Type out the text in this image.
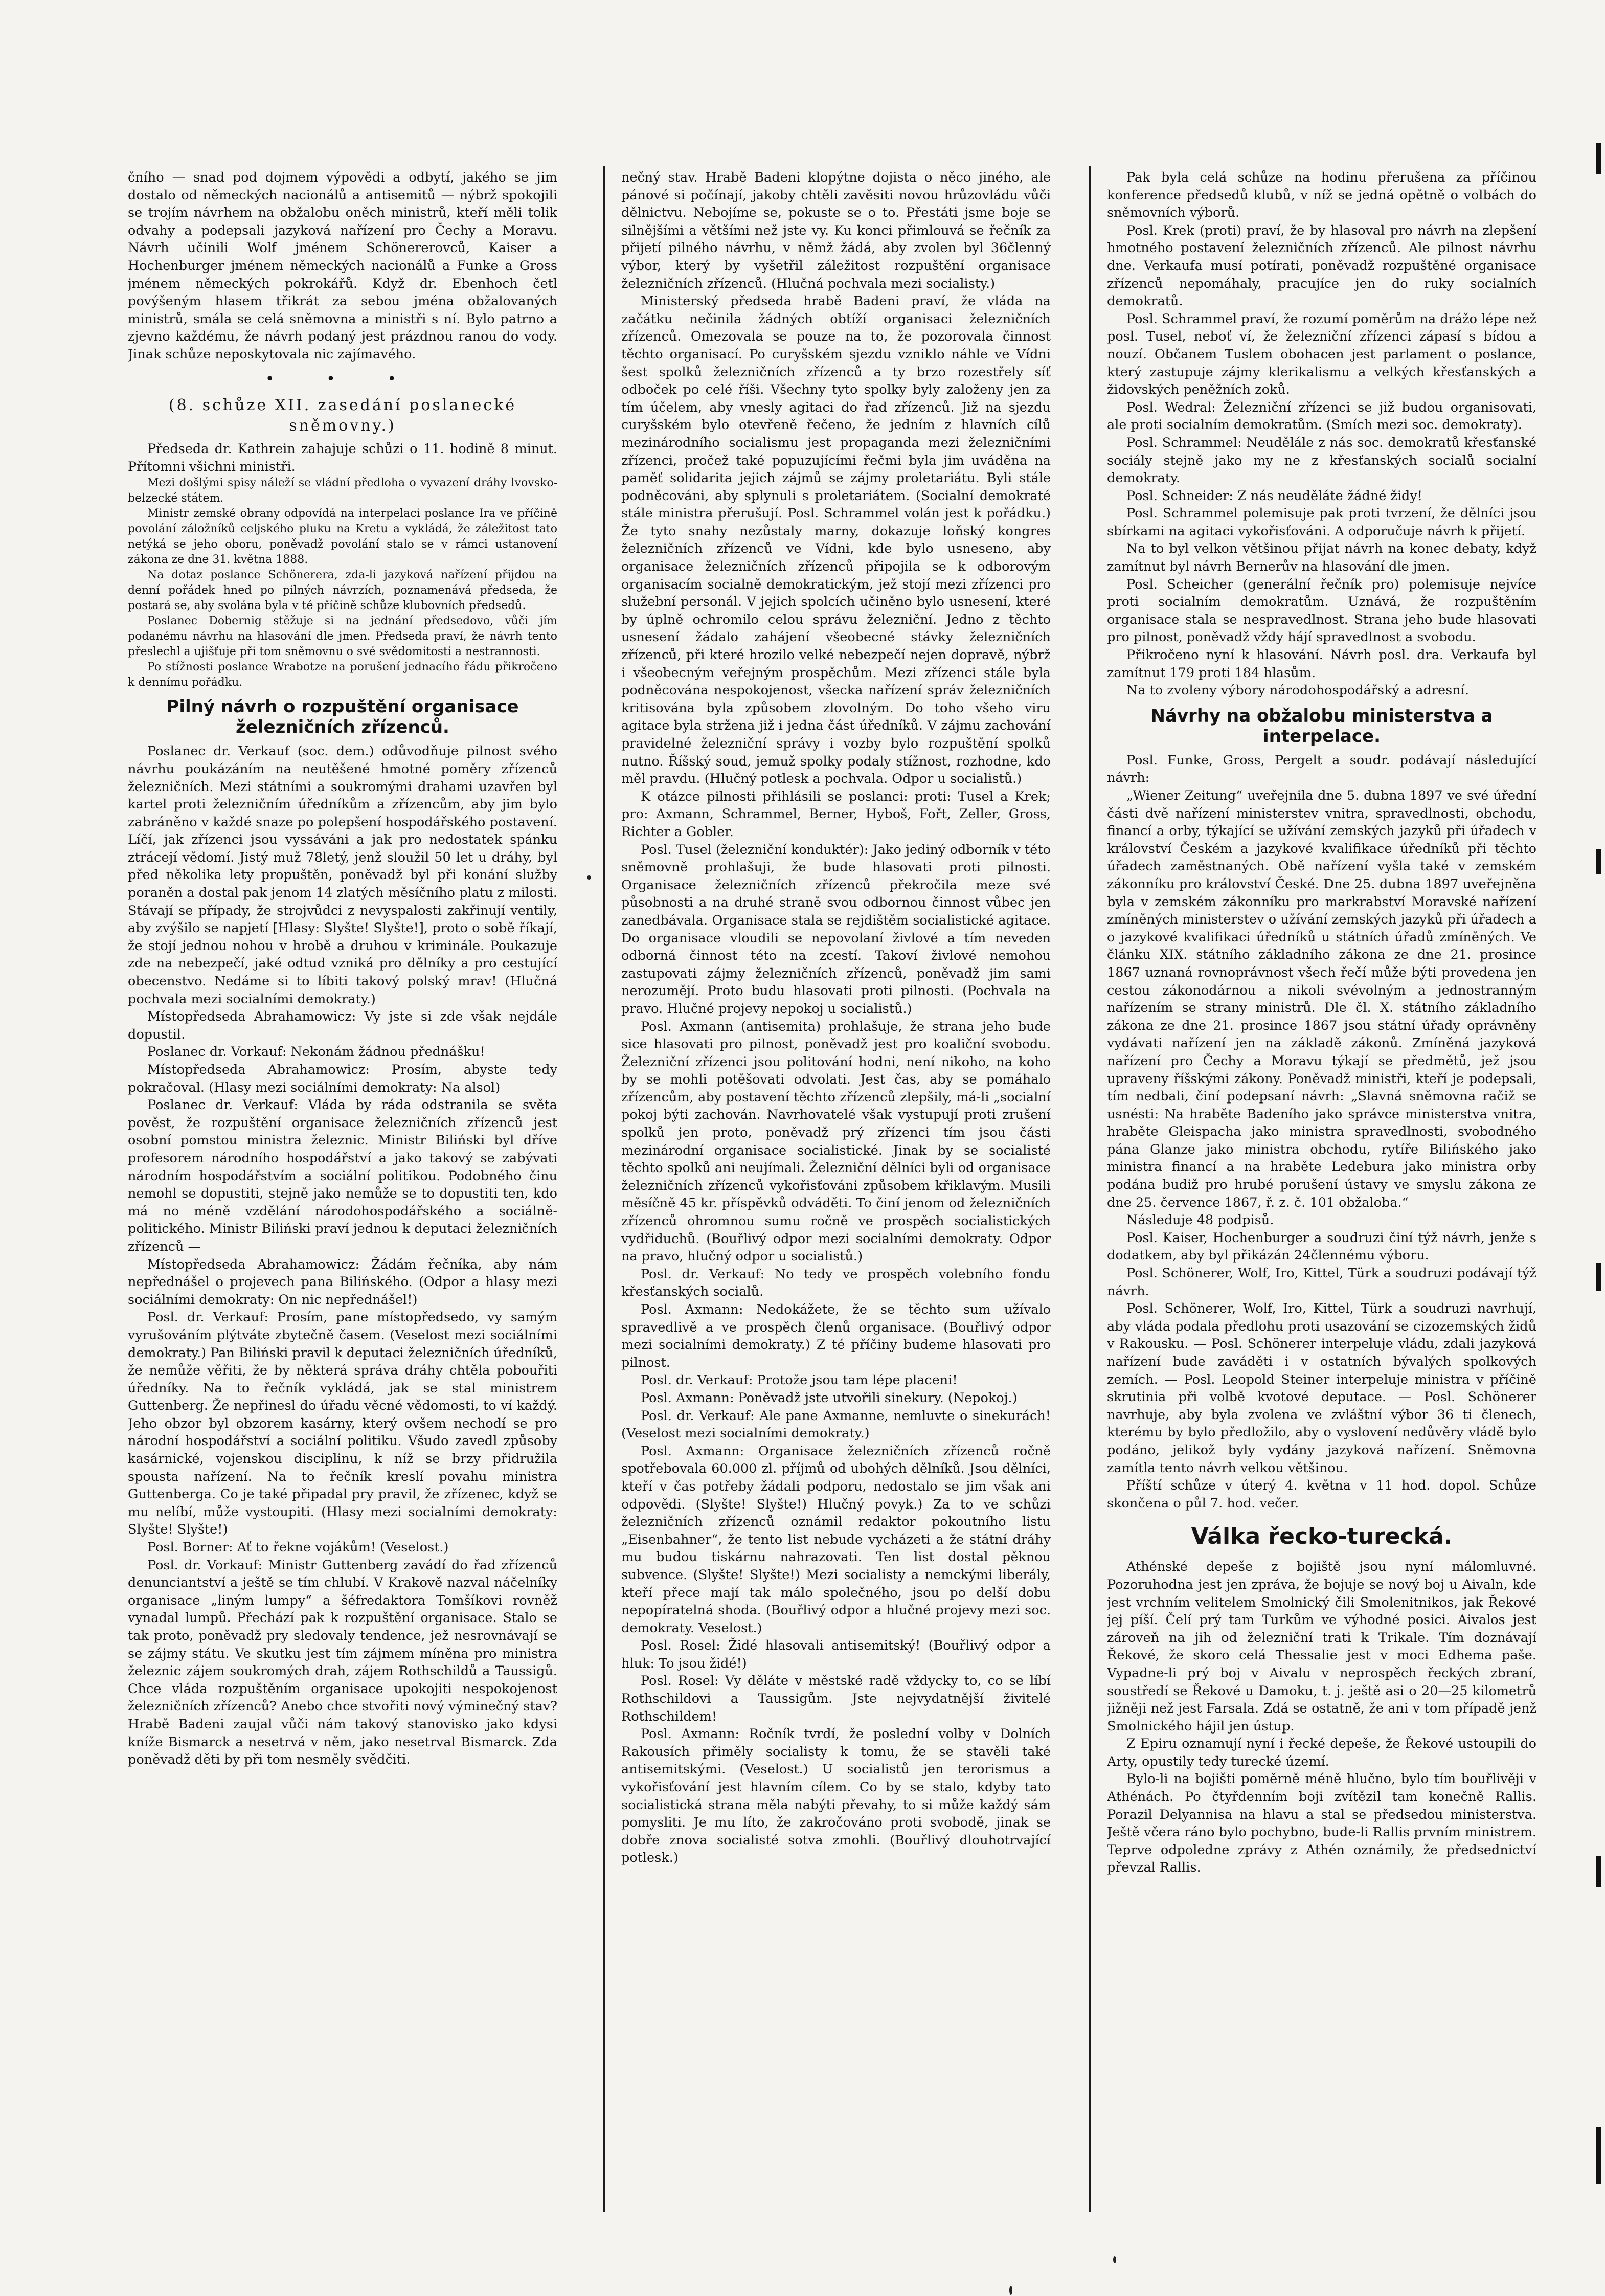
čního — snad pod dojmem výpovědi a odbytí, jakého se jim dostalo od německých nacionálů a antisemitů — nýbrž spokojili se trojím návrhem na obžalobu oněch ministrů, kteří měli tolik odvahy a podepsali jazyková nařízení pro Čechy a Moravu. Návrh učinili Wolf jménem Schönererovců, Kaiser a Hochenburger jménem německých nacionálů a Funke a Gross jménem německých pokrokářů. Když dr. Ebenhoch četl povýšeným hlasem třikrát za sebou jména obžalovaných ministrů, smála se celá sněmovna a ministři s ní. Bylo patrno a zjevno každému, že návrh podaný jest prázdnou ranou do vody. Jinak schůze neposkytovala nic zajímavého.

• • •
(8. schůze XII. zasedání poslanecké sněmovny.)

Předseda dr. Kathrein zahajuje schůzi o 11. hodině 8 minut. Přítomni všichni ministři.

Mezi došlými spisy náleží se vládní předloha o vyvazení dráhy lvovsko-belzecké státem.

Ministr zemské obrany odpovídá na interpelaci poslance Ira ve příčině povolání záložníků celjského pluku na Kretu a vykládá, že záležitost tato netýká se jeho oboru, poněvadž povolání stalo se v rámci ustanovení zákona ze dne 31. května 1888.

Na dotaz poslance Schönerera, zda-li jazyková nařízení přijdou na denní pořádek hned po pilných návrzích, poznamenává předseda, že postará se, aby svolána byla v té příčině schůze klubovních předsedů.

Poslanec Dobernig stěžuje si na jednání předsedovo, vůči jím podanému návrhu na hlasování dle jmen. Předseda praví, že návrh tento přeslechl a ujišťuje při tom sněmovnu o své svědomitosti a nestrannosti.

Po stížnosti poslance Wrabotze na porušení jednacího řádu přikročeno k dennímu pořádku.

Pilný návrh o rozpuštění organisace železničních zřízenců.

Poslanec dr. Verkauf (soc. dem.) odůvodňuje pilnost svého návrhu poukázáním na neutěšené hmotné poměry zřízenců železničních. Mezi státními a soukromými drahami uzavřen byl kartel proti železničním úředníkům a zřízencům, aby jim bylo zabráněno v každé snaze po polepšení hospodářského postavení. Líčí, jak zřízenci jsou vyssáváni a jak pro nedostatek spánku ztrácejí vědomí. Jistý muž 78letý, jenž sloužil 50 let u dráhy, byl před několika lety propuštěn, poněvadž byl při konání služby poraněn a dostal pak jenom 14 zlatých měsíčního platu z milosti. Stávají se případy, že strojvůdci z nevyspalosti zakřinují ventily, aby zvýšilo se napjetí [Hlasy: Slyšte! Slyšte!], proto o sobě říkají, že stojí jednou nohou v hrobě a druhou v kriminále. Poukazuje zde na nebezpečí, jaké odtud vzniká pro dělníky a pro cestující obecenstvo. Nedáme si to líbiti takový polský mrav! (Hlučná pochvala mezi socialními demokraty.)

Místopředseda Abrahamowicz: Vy jste si zde však nejdále dopustil.

Poslanec dr. Vorkauf: Nekonám žádnou přednášku!

Místopředseda Abrahamowicz: Prosím, abyste tedy pokračoval. (Hlasy mezi sociálními demokraty: Na alsol)

Poslanec dr. Verkauf: Vláda by ráda odstranila se světa pověst, že rozpuštění organisace železničních zřízenců jest osobní pomstou ministra železnic. Ministr Biliński byl dříve profesorem národního hospodářství a jako takový se zabývati národním hospodářstvím a sociální politikou. Podobného činu nemohl se dopustiti, stejně jako nemůže se to dopustiti ten, kdo má no méně vzdělání národohospodářského a sociálně-politického. Ministr Biliński praví jednou k deputaci železničních zřízenců —

Místopředseda Abrahamowicz: Žádám řečníka, aby nám nepřednášel o projevech pana Bilińského. (Odpor a hlasy mezi sociálními demokraty: On nic nepřednášel!)

Posl. dr. Verkauf: Prosím, pane místopředsedo, vy samým vyrušováním plýtváte zbytečně časem. (Veselost mezi sociálními demokraty.) Pan Biliński pravil k deputaci železničních úředníků, že nemůže věřiti, že by některá správa dráhy chtěla pobouřiti úředníky. Na to řečník vykládá, jak se stal ministrem Guttenberg. Že nepřinesl do úřadu věcné vědomosti, to ví každý. Jeho obzor byl obzorem kasárny, který ovšem nechodí se pro národní hospodářství a sociální politiku. Všudo zavedl způsoby kasárnické, vojenskou disciplinu, k níž se brzy přidružila spousta nařízení. Na to řečník kreslí povahu ministra Guttenberga. Co je také připadal pry pravil, že zřízenec, když se mu nelíbí, může vystoupiti. (Hlasy mezi socialními demokraty: Slyšte! Slyšte!)

Posl. Borner: Ať to řekne vojákům! (Veselost.)

Posl. dr. Vorkauf: Ministr Guttenberg zavádí do řad zřízenců denunciantství a ještě se tím chlubí. V Krakově nazval náčelníky organisace „liným lumpy“ a šéfredaktora Tomšíkovi rovněž vynadal lumpů. Přechází pak k rozpuštění organisace. Stalo se tak proto, poněvadž pry sledovaly tendence, jež nesrovnávají se se zájmy státu. Ve skutku jest tím zájmem míněna pro ministra železnic zájem soukromých drah, zájem Rothschildů a Taussigů. Chce vláda rozpuštěním organisace upokojiti nespokojenost železničních zřízenců? Anebo chce stvořiti nový výminečný stav? Hrabě Badeni zaujal vůči nám takový stanovisko jako kdysi kníže Bismarck a nesetrvá v něm, jako nesetrval Bismarck. Zda poněvadž děti by při tom nesměly svědčiti.

nečný stav. Hrabě Badeni klopýtne dojista o něco jiného, ale pánové si počínají, jakoby chtěli zavěsiti novou hrůzovládu vůči dělnictvu. Nebojíme se, pokuste se o to. Přestáti jsme boje se silnějšími a většími než jste vy. Ku konci přimlouvá se řečník za přijetí pilného návrhu, v němž žádá, aby zvolen byl 36členný výbor, který by vyšetřil záležitost rozpuštění organisace železničních zřízenců. (Hlučná pochvala mezi socialisty.)

Ministerský předseda hrabě Badeni praví, že vláda na začátku nečinila žádných obtíží organisaci železničních zřízenců. Omezovala se pouze na to, že pozorovala činnost těchto organisací. Po curyšském sjezdu vzniklo náhle ve Vídni šest spolků železničních zřízenců a ty brzo rozestřely síť odboček po celé říši. Všechny tyto spolky byly založeny jen za tím účelem, aby vnesly agitaci do řad zřízenců. Již na sjezdu curyšském bylo otevřeně řečeno, že jedním z hlavních cílů mezinárodního socialismu jest propaganda mezi železničními zřízenci, pročež také popuzujícími řečmi byla jim uváděna na paměť solidarita jejich zájmů se zájmy proletariátu. Byli stále podněcováni, aby splynuli s proletariátem. (Socialní demokraté stále ministra přerušují. Posl. Schrammel volán jest k pořádku.) Že tyto snahy nezůstaly marny, dokazuje loňský kongres železničních zřízenců ve Vídni, kde bylo usneseno, aby organisace železničních zřízenců připojila se k odborovým organisacím socialně demokratickým, jež stojí mezi zřízenci pro služební personál. V jejich spolcích učiněno bylo usnesení, které by úplně ochromilo celou správu železniční. Jedno z těchto usnesení žádalo zahájení všeobecné stávky železničních zřízenců, při které hrozilo velké nebezpečí nejen dopravě, nýbrž i všeobecným veřejným prospěchům. Mezi zřízenci stále byla podněcována nespokojenost, všecka nařízení správ železničních kritisována byla způsobem zlovolným. Do toho všeho viru agitace byla stržena již i jedna část úředníků. V zájmu zachování pravidelné železniční správy i vozby bylo rozpuštění spolků nutno. Říšský soud, jemuž spolky podaly stížnost, rozhodne, kdo měl pravdu. (Hlučný potlesk a pochvala. Odpor u socialistů.)

K otázce pilnosti přihlásili se poslanci: proti: Tusel a Krek; pro: Axmann, Schrammel, Berner, Hyboš, Fořt, Zeller, Gross, Richter a Gobler.

Posl. Tusel (železniční konduktér): Jako jediný odborník v této sněmovně prohlašuji, že bude hlasovati proti pilnosti. Organisace železničních zřízenců překročila meze své působnosti a na druhé straně svou odbornou činnost vůbec jen zanedbávala. Organisace stala se rejdištěm socialistické agitace. Do organisace vloudili se nepovolaní živlové a tím neveden odborná činnost této na zcestí. Takoví živlové nemohou zastupovati zájmy železničních zřízenců, poněvadž jim sami nerozumějí. Proto budu hlasovati proti pilnosti. (Pochvala na pravo. Hlučné projevy nepokoj u socialistů.)

Posl. Axmann (antisemita) prohlašuje, že strana jeho bude sice hlasovati pro pilnost, poněvadž jest pro koaliční svobodu. Železniční zřízenci jsou politování hodni, není nikoho, na koho by se mohli potěšovati odvolati. Jest čas, aby se pomáhalo zřízencům, aby postavení těchto zřízenců zlepšily, má-li „socialní pokoj býti zachován. Navrhovatelé však vystupují proti zrušení spolků jen proto, poněvadž prý zřízenci tím jsou části mezinárodní organisace socialistické. Jinak by se socialisté těchto spolků ani neujímali. Železniční dělníci byli od organisace železničních zřízenců vykořisťováni způsobem křiklavým. Musili měsíčně 45 kr. příspěvků odváděti. To činí jenom od železničních zřízenců ohromnou sumu ročně ve prospěch socialistických vydřiduchů. (Bouřlivý odpor mezi socialními demokraty. Odpor na pravo, hlučný odpor u socialistů.)

Posl. dr. Verkauf: No tedy ve prospěch volebního fondu křesťanských socialů.

Posl. Axmann: Nedokážete, že se těchto sum užívalo spravedlivě a ve prospěch členů organisace. (Bouřlivý odpor mezi socialními demokraty.) Z té příčiny budeme hlasovati pro pilnost.

Posl. dr. Verkauf: Protože jsou tam lépe placeni!

Posl. Axmann: Poněvadž jste utvořili sinekury. (Nepokoj.)

Posl. dr. Verkauf: Ale pane Axmanne, nemluvte o sinekurách! (Veselost mezi socialními demokraty.)

Posl. Axmann: Organisace železničních zřízenců ročně spotřebovala 60.000 zl. příjmů od ubohých dělníků. Jsou dělníci, kteří v čas potřeby žádali podporu, nedostalo se jim však ani odpovědi. (Slyšte! Slyšte!) Hlučný povyk.) Za to ve schůzi železničních zřízenců oznámil redaktor pokoutního listu „Eisenbahner“, že tento list nebude vycházeti a že státní dráhy mu budou tiskárnu nahrazovati. Ten list dostal pěknou subvence. (Slyšte! Slyšte!) Mezi socialisty a nemckými liberály, kteří přece mají tak málo společného, jsou po delší dobu nepopíratelná shoda. (Bouřlivý odpor a hlučné projevy mezi soc. demokraty. Veselost.)

Posl. Rosel: Židé hlasovali antisemitský! (Bouřlivý odpor a hluk: To jsou židé!)

Posl. Rosel: Vy děláte v městské radě vždycky to, co se líbí Rothschildovi a Taussigům. Jste nejvydatnější živitelé Rothschildem!

Posl. Axmann: Ročník tvrdí, že poslední volby v Dolních Rakousích přiměly socialisty k tomu, že se stavěli také antisemitskými. (Veselost.) U socialistů jen terorismus a vykořisťování jest hlavním cílem. Co by se stalo, kdyby tato socialistická strana měla nabýti převahy, to si může každý sám pomysliti. Je mu líto, že zakročováno proti svobodě, jinak se dobře znova socialisté sotva zmohli. (Bouřlivý dlouhotrvající potlesk.)

Pak byla celá schůze na hodinu přerušena za příčinou konference předsedů klubů, v níž se jedná opětně o volbách do sněmovních výborů.

Posl. Krek (proti) praví, že by hlasoval pro návrh na zlepšení hmotného postavení železničních zřízenců. Ale pilnost návrhu dne. Verkaufa musí potírati, poněvadž rozpuštěné organisace zřízenců nepomáhaly, pracujíce jen do ruky socialních demokratů.

Posl. Schrammel praví, že rozumí poměrům na drážo lépe než posl. Tusel, neboť ví, že železniční zřízenci zápasí s bídou a nouzí. Občanem Tuslem obohacen jest parlament o poslance, který zastupuje zájmy klerikalismu a velkých křesťanských a židovských peněžních zoků.

Posl. Wedral: Železniční zřízenci se již budou organisovati, ale proti socialním demokratům. (Smích mezi soc. demokraty).

Posl. Schrammel: Neudělále z nás soc. demokratů křesťanské sociály stejně jako my ne z křesťanských socialů socialní demokraty.

Posl. Schneider: Z nás neuděláte žádné židy!

Posl. Schrammel polemisuje pak proti tvrzení, že dělníci jsou sbírkami na agitaci vykořisťováni. A odporučuje návrh k přijetí.

Na to byl velkon většinou přijat návrh na konec debaty, když zamítnut byl návrh Bernerův na hlasování dle jmen.

Posl. Scheicher (generální řečník pro) polemisuje nejvíce proti socialním demokratům. Uznává, že rozpuštěním organisace stala se nespravedlnost. Strana jeho bude hlasovati pro pilnost, poněvadž vždy hájí spravedlnost a svobodu.

Přikročeno nyní k hlasování. Návrh posl. dra. Verkaufa byl zamítnut 179 proti 184 hlasům.

Na to zvoleny výbory národohospodářský a adresní.

Návrhy na obžalobu ministerstva a interpelace.

Posl. Funke, Gross, Pergelt a soudr. podávají následující návrh:

„Wiener Zeitung“ uveřejnila dne 5. dubna 1897 ve své úřední části dvě nařízení ministerstev vnitra, spravedlnosti, obchodu, financí a orby, týkající se užívání zemských jazyků při úřadech v království Českém a jazykové kvalifikace úředníků při těchto úřadech zaměstnaných. Obě nařízení vyšla také v zemském zákonníku pro království České. Dne 25. dubna 1897 uveřejněna byla v zemském zákonníku pro markrabství Moravské nařízení zmíněných ministerstev o užívání zemských jazyků při úřadech a o jazykové kvalifikaci úředníků u státních úřadů zmíněných. Ve článku XIX. státního základního zákona ze dne 21. prosince 1867 uznaná rovnoprávnost všech řečí může býti provedena jen cestou zákonodárnou a nikoli svévolným a jednostranným nařízením se strany ministrů. Dle čl. X. státního základního zákona ze dne 21. prosince 1867 jsou státní úřady oprávněny vydávati nařízení jen na základě zákonů. Zmíněná jazyková nařízení pro Čechy a Moravu týkají se předmětů, jež jsou upraveny říšskými zákony. Poněvadž ministři, kteří je podepsali, tím nedbali, činí podepsaní návrh: „Slavná sněmovna račiž se usnésti: Na hraběte Badeního jako správce ministerstva vnitra, hraběte Gleispacha jako ministra spravedlnosti, svobodného pána Glanze jako ministra obchodu, rytíře Bilińského jako ministra financí a na hraběte Ledebura jako ministra orby podána budiž pro hrubé porušení ústavy ve smyslu zákona ze dne 25. července 1867, ř. z. č. 101 obžaloba.“

Následuje 48 podpisů.

Posl. Kaiser, Hochenburger a soudruzi činí týž návrh, jenže s dodatkem, aby byl přikázán 24člennému výboru.

Posl. Schönerer, Wolf, Iro, Kittel, Türk a soudruzi podávají týž návrh.

Posl. Schönerer, Wolf, Iro, Kittel, Türk a soudruzi navrhují, aby vláda podala předlohu proti usazování se cizozemských židů v Rakousku. — Posl. Schönerer interpeluje vládu, zdali jazyková nařízení bude zaváděti i v ostatních bývalých spolkových zemích. — Posl. Leopold Steiner interpeluje ministra v příčině skrutinia při volbě kvotové deputace. — Posl. Schönerer navrhuje, aby byla zvolena ve zvláštní výbor 36 ti členech, kterému by bylo předložilo, aby o vyslovení nedůvěry vládě bylo podáno, jelikož byly vydány jazyková nařízení. Sněmovna zamítla tento návrh velkou většinou.

Příští schůze v úterý 4. května v 11 hod. dopol. Schůze skončena o půl 7. hod. večer.

Válka řecko-turecká.

Athénské depeše z bojiště jsou nyní málomluvné. Pozoruhodna jest jen zpráva, že bojuje se nový boj u Aivaln, kde jest vrchním velitelem Smolnický čili Smolenitnikos, jak Řekové jej píší. Čelí prý tam Turkům ve výhodné posici. Aivalos jest zároveň na jih od železniční trati k Trikale. Tím doznávají Řekové, že skoro celá Thessalie jest v moci Edhema paše. Vypadne-li prý boj v Aivalu v neprospěch řeckých zbraní, soustředí se Řekové u Damoku, t. j. ještě asi o 20—25 kilometrů jižněji než jest Farsala. Zdá se ostatně, že ani v tom případě jenž Smolnického hájil jen ústup.

Z Epiru oznamují nyní i řecké depeše, že Řekové ustoupili do Arty, opustily tedy turecké území.

Bylo-li na bojišti poměrně méně hlučno, bylo tím bouřlivěji v Athénách. Po čtyřdenním boji zvítězil tam konečně Rallis. Porazil Delyannisa na hlavu a stal se předsedou ministerstva. Ještě včera ráno bylo pochybno, bude-li Rallis prvním ministrem. Teprve odpoledne zprávy z Athén oznámily, že předsednictví převzal Rallis.
